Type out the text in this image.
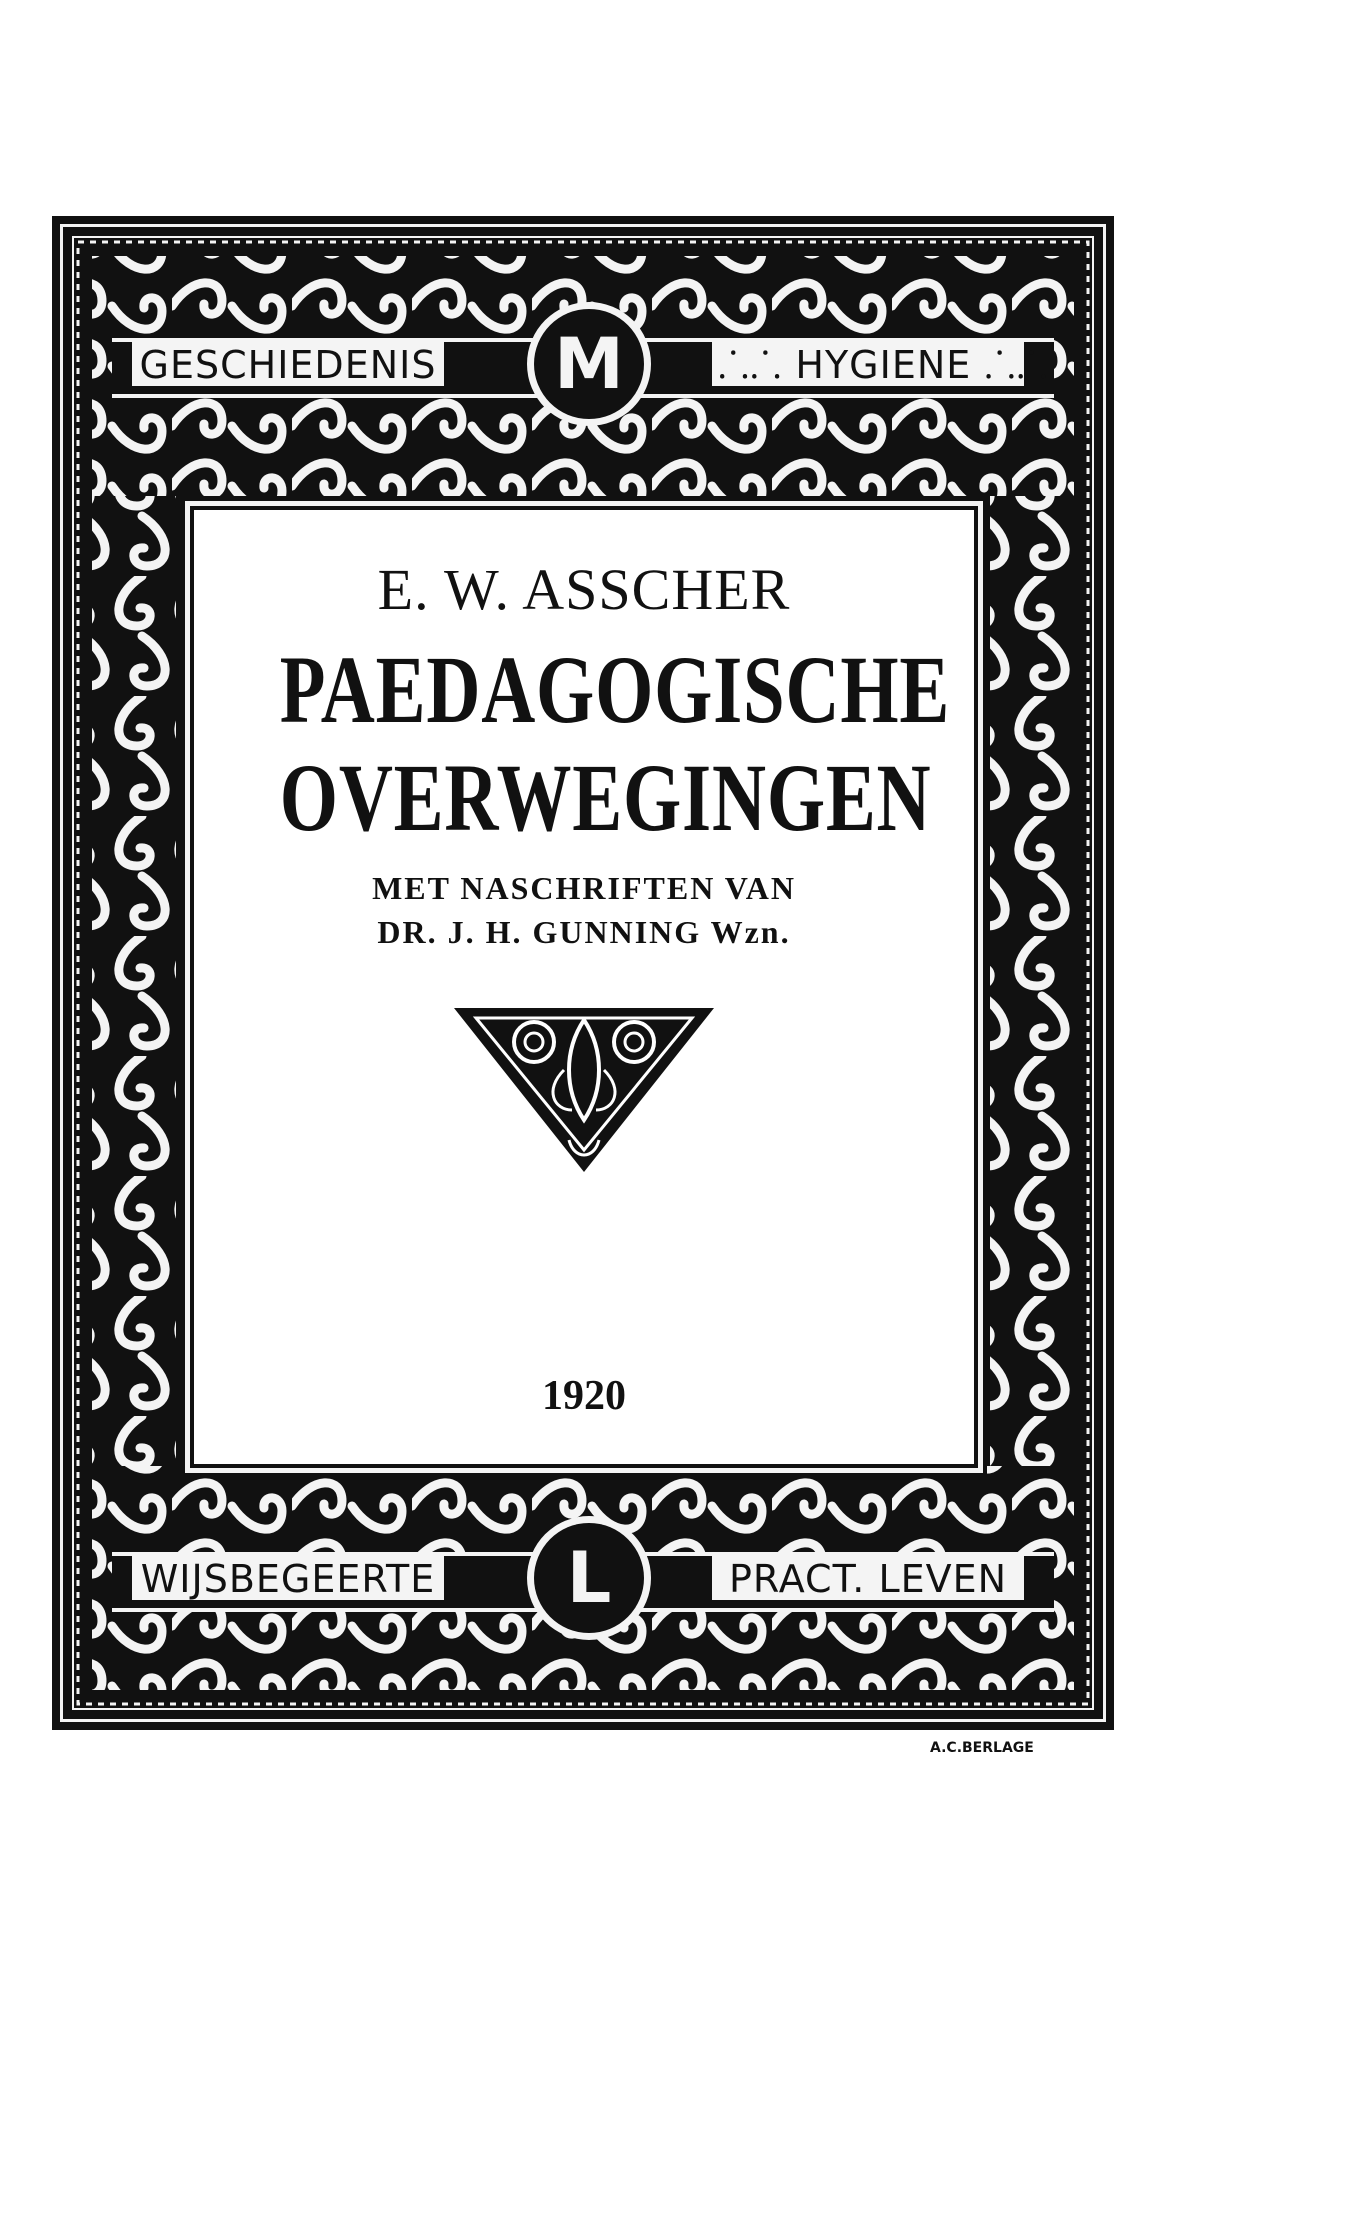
GESCHIEDENIS	⸫⸫ HYGIENE ⸫⸫
M
WIJSBEGEERTE	PRACT. LEVEN
L
E. W. ASSCHER
PAEDAGOGISCHE
OVERWEGINGEN
MET NASCHRIFTEN VAN
DR. J. H. GUNNING Wzn.
1920
A.C.BERLAGE
